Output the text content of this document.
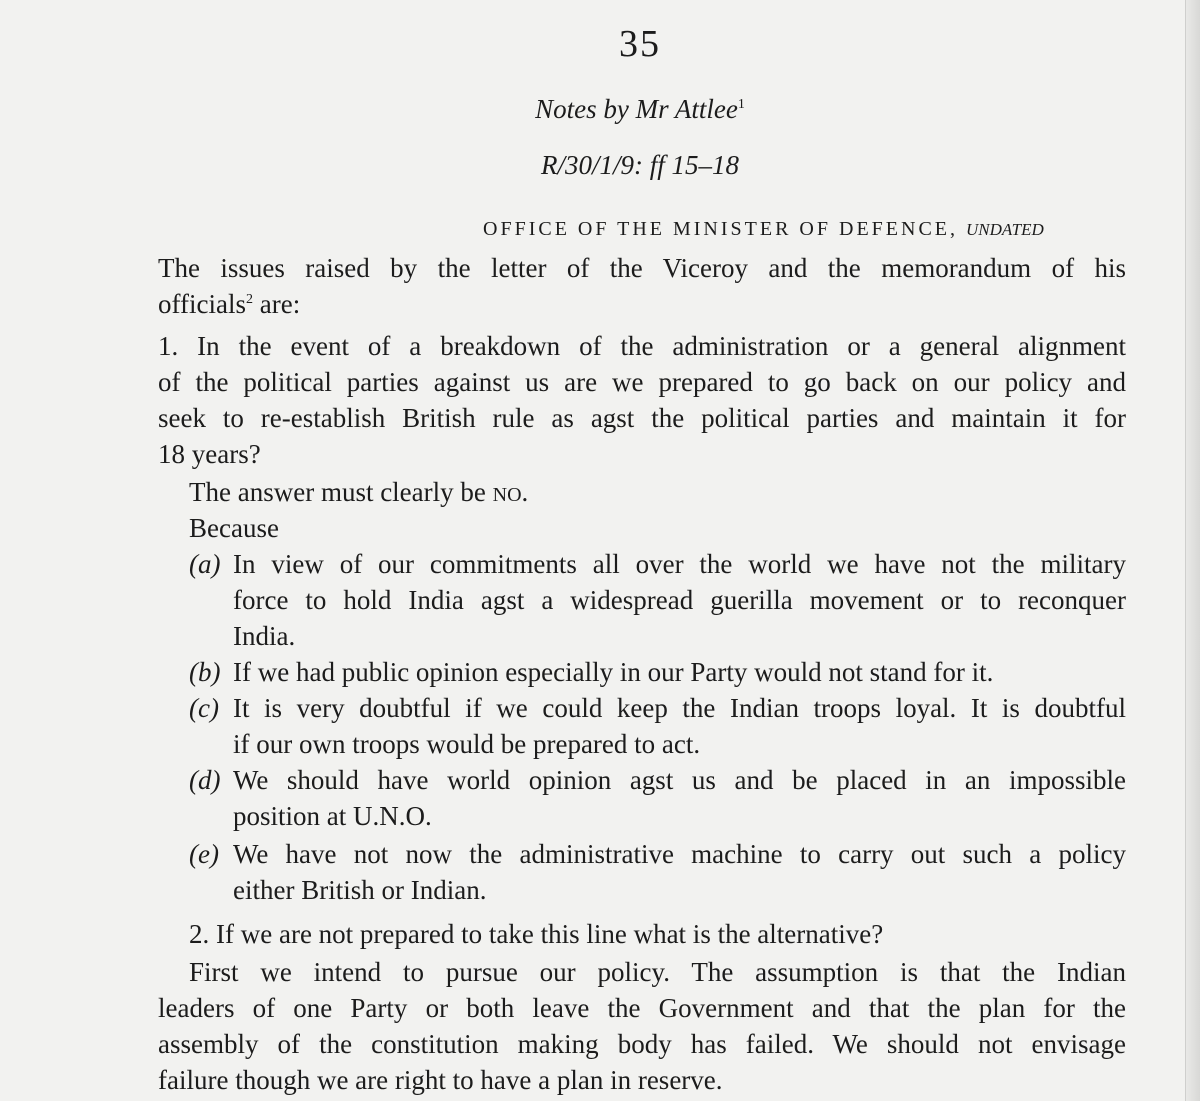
35
Notes by Mr Attlee$^1$
R/30/1/9: ff 15–18
OFFICE OF THE MINISTER OF DEFENCE, undated
The issues raised by the letter of the Viceroy and the memorandum of his
officials$^2$ are:
1. In the event of a breakdown of the administration or a general alignment
of the political parties against us are we prepared to go back on our policy and
seek to re-establish British rule as agst the political parties and maintain it for
18 years?
The answer must clearly be no.
Because
(a) In view of our commitments all over the world we have not the military
force to hold India agst a widespread guerilla movement or to reconquer
India.
(b) If we had public opinion especially in our Party would not stand for it.
(c) It is very doubtful if we could keep the Indian troops loyal. It is doubtful
if our own troops would be prepared to act.
(d) We should have world opinion agst us and be placed in an impossible
position at U.N.O.
(e) We have not now the administrative machine to carry out such a policy
either British or Indian.
2. If we are not prepared to take this line what is the alternative?
First we intend to pursue our policy. The assumption is that the Indian
leaders of one Party or both leave the Government and that the plan for the
assembly of the constitution making body has failed. We should not envisage
failure though we are right to have a plan in reserve.
